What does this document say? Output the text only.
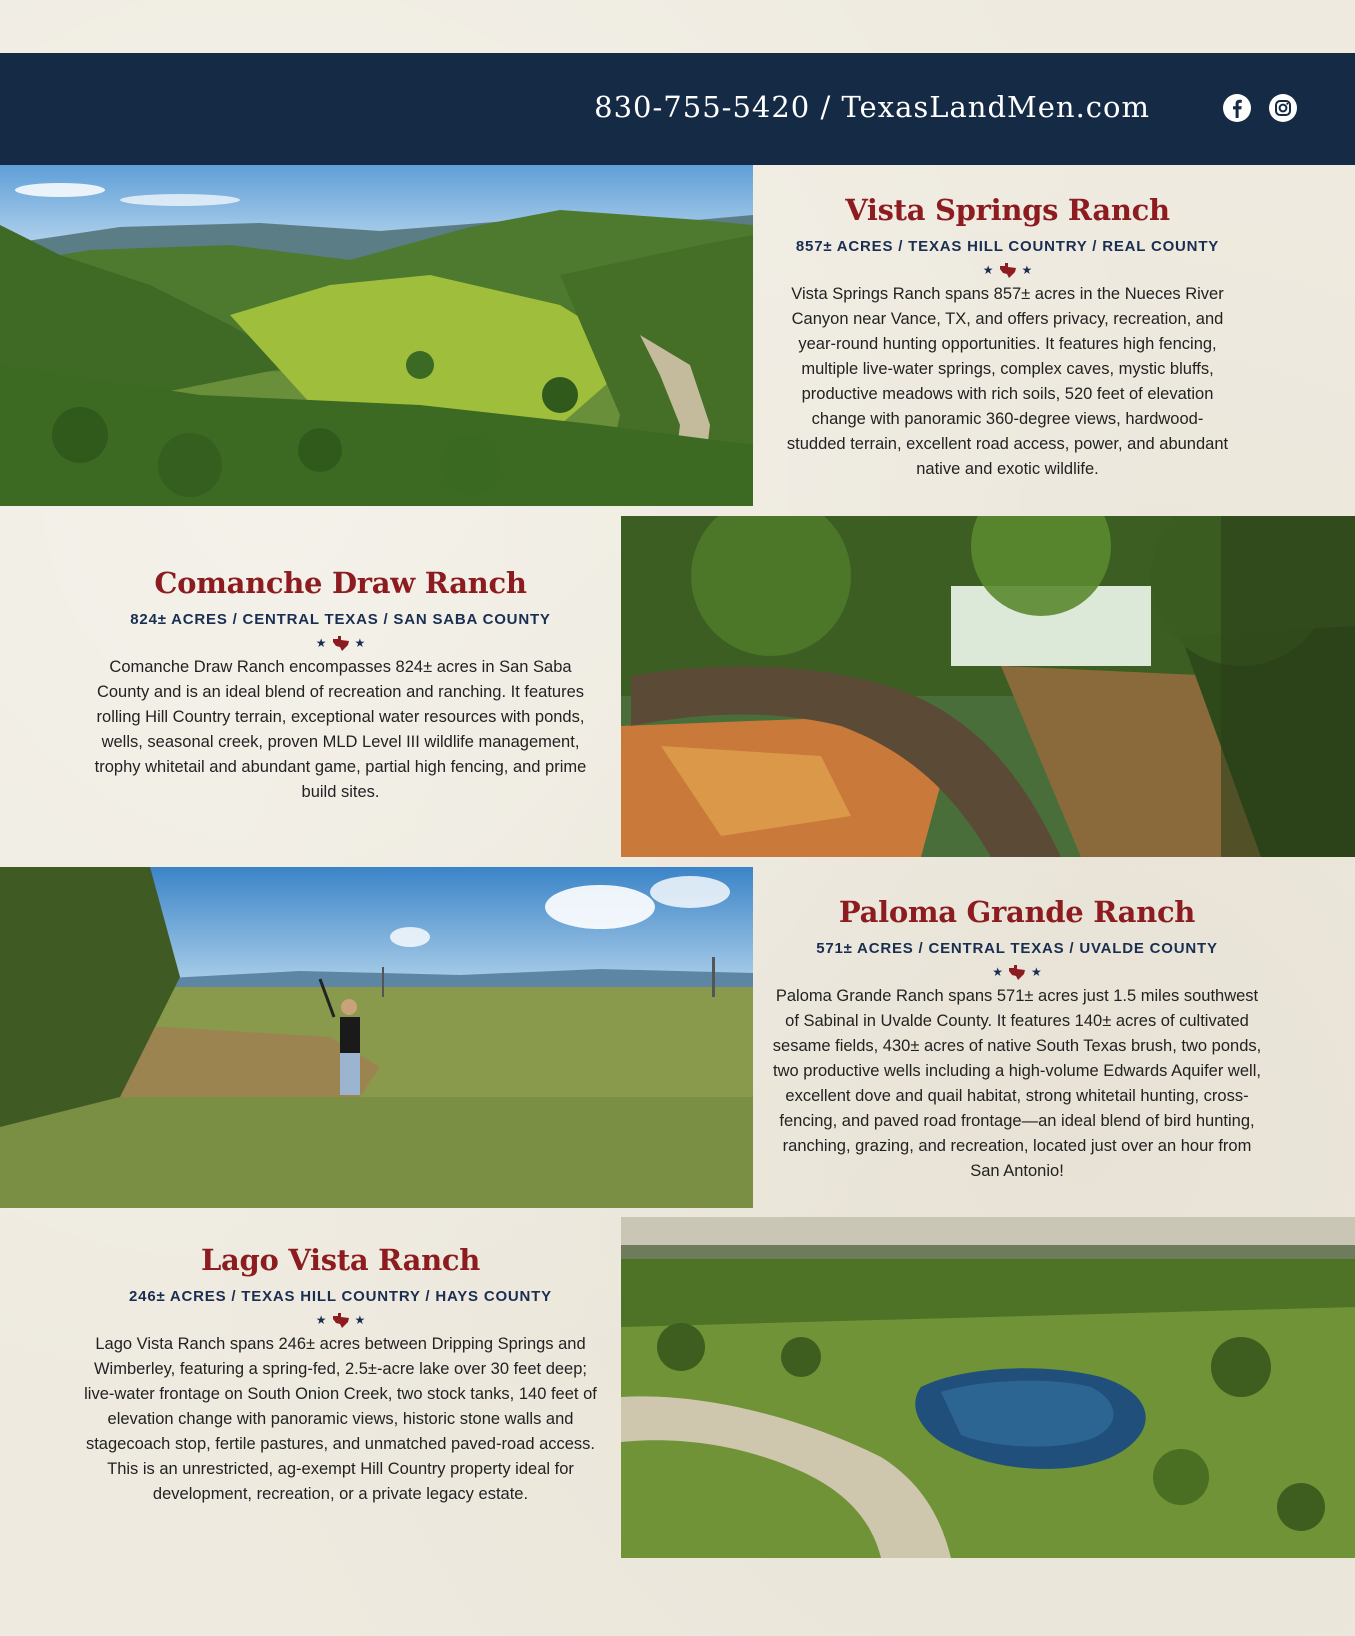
830-755-5420 / TexasLandMen.com
Vista Springs Ranch
857± ACRES / TEXAS HILL COUNTRY / REAL COUNTY
★ ★
Vista Springs Ranch spans 857± acres in the Nueces River Canyon near Vance, TX, and offers privacy, recreation, and year-round hunting opportunities. It features high fencing, multiple live-water springs, complex caves, mystic bluffs, productive meadows with rich soils, 520 feet of elevation change with panoramic 360-degree views, hardwood-studded terrain, excellent road access, power, and abundant native and exotic wildlife.
Comanche Draw Ranch
824± ACRES / CENTRAL TEXAS / SAN SABA COUNTY
★ ★
Comanche Draw Ranch encompasses 824± acres in San Saba County and is an ideal blend of recreation and ranching. It features rolling Hill Country terrain, exceptional water resources with ponds, wells, seasonal creek, proven MLD Level III wildlife management, trophy whitetail and abundant game, partial high fencing, and prime build sites.
Paloma Grande Ranch
571± ACRES / CENTRAL TEXAS / UVALDE COUNTY
★ ★
Paloma Grande Ranch spans 571± acres just 1.5 miles southwest of Sabinal in Uvalde County. It features 140± acres of cultivated sesame fields, 430± acres of native South Texas brush, two ponds, two productive wells including a high-volume Edwards Aquifer well, excellent dove and quail habitat, strong whitetail hunting, cross-fencing, and paved road frontage—an ideal blend of bird hunting, ranching, grazing, and recreation, located just over an hour from San Antonio!
Lago Vista Ranch
246± ACRES / TEXAS HILL COUNTRY / HAYS COUNTY
★ ★
Lago Vista Ranch spans 246± acres between Dripping Springs and Wimberley, featuring a spring-fed, 2.5±-acre lake over 30 feet deep; live-water frontage on South Onion Creek, two stock tanks, 140 feet of elevation change with panoramic views, historic stone walls and stagecoach stop, fertile pastures, and unmatched paved-road access. This is an unrestricted, ag-exempt Hill Country property ideal for development, recreation, or a private legacy estate.
